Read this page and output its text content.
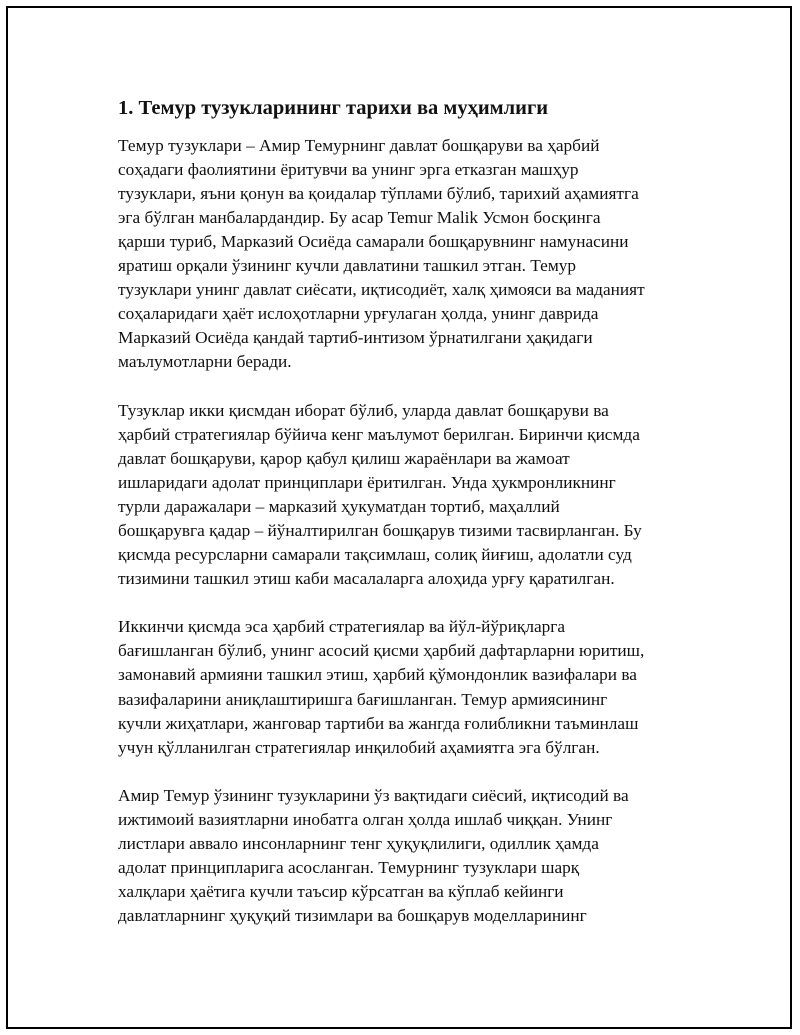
1. Темур тузукларининг тарихи ва муҳимлиги
Темур тузуклари – Амир Темурнинг давлат бошқаруви ва ҳарбий
соҳадаги фаолиятини ёритувчи ва унинг эрга етказган машҳур
тузуклари, яъни қонун ва қоидалар тўплами бўлиб, тарихий аҳамиятга
эга бўлган манбалардандир. Бу асар Temur Malik Усмон босқинга
қарши туриб, Марказий Осиёда самарали бошқарувнинг намунасини
яратиш орқали ўзининг кучли давлатини ташкил этган. Темур
тузуклари унинг давлат сиёсати, иқтисодиёт, халқ ҳимояси ва маданият
соҳаларидаги ҳаёт ислоҳотларни урғулаган ҳолда, унинг даврида
Марказий Осиёда қандай тартиб-интизом ўрнатилгани ҳақидаги
маълумотларни беради.
Тузуклар икки қисмдан иборат бўлиб, уларда давлат бошқаруви ва
ҳарбий стратегиялар бўйича кенг маълумот берилган. Биринчи қисмда
давлат бошқаруви, қарор қабул қилиш жараёнлари ва жамоат
ишларидаги адолат принциплари ёритилган. Унда ҳукмронликнинг
турли даражалари – марказий ҳукуматдан тортиб, маҳаллий
бошқарувга қадар – йўналтирилган бошқарув тизими тасвирланган. Бу
қисмда ресурсларни самарали тақсимлаш, солиқ йиғиш, адолатли суд
тизимини ташкил этиш каби масалаларга алоҳида урғу қаратилган.
Иккинчи қисмда эса ҳарбий стратегиялар ва йўл-йўриқларга
бағишланган бўлиб, унинг асосий қисми ҳарбий дафтарларни юритиш,
замонавий армияни ташкил этиш, ҳарбий қўмондонлик вазифалари ва
вазифаларини аниқлаштиришга бағишланган. Темур армиясининг
кучли жиҳатлари, жанговар тартиби ва жангда ғолибликни таъминлаш
учун қўлланилган стратегиялар инқилобий аҳамиятга эга бўлган.
Амир Темур ўзининг тузукларини ўз вақтидаги сиёсий, иқтисодий ва
ижтимоий вазиятларни инобатга олган ҳолда ишлаб чиққан. Унинг
листлари аввало инсонларнинг тенг ҳуқуқлилиги, одиллик ҳамда
адолат принципларига асосланган. Темурнинг тузуклари шарқ
халқлари ҳаётига кучли таъсир кўрсатган ва кўплаб кейинги
давлатларнинг ҳуқуқий тизимлари ва бошқарув моделларининг
